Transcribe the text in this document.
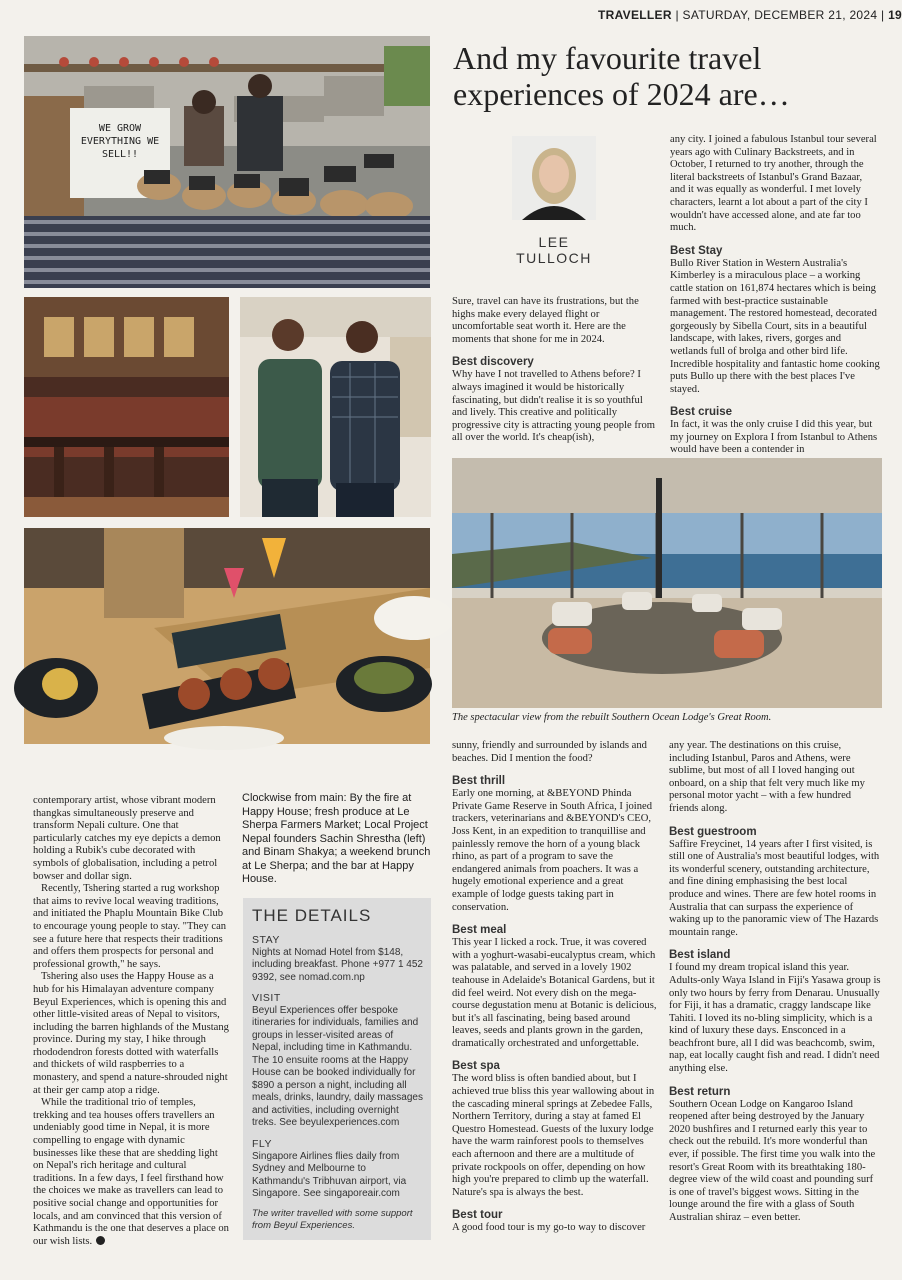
TRAVELLER | SATURDAY, DECEMBER 21, 2024 | 19
WE GROW EVERYTHING WE SELL!!

contemporary artist, whose vibrant modern thangkas simultaneously preserve and transform Nepali culture. One that particularly catches my eye depicts a demon holding a Rubik's cube decorated with symbols of globalisation, including a petrol bowser and dollar sign.

Recently, Tshering started a rug workshop that aims to revive local weaving traditions, and initiated the Phaplu Mountain Bike Club to encourage young people to stay. "They can see a future here that respects their traditions and offers them prospects for personal and professional growth," he says.

Tshering also uses the Happy House as a hub for his Himalayan adventure company Beyul Experiences, which is opening this and other little-visited areas of Nepal to visitors, including the barren highlands of the Mustang province. During my stay, I hike through rhododendron forests dotted with waterfalls and thickets of wild raspberries to a monastery, and spend a nature-shrouded night at their ger camp atop a ridge.

While the traditional trio of temples, trekking and tea houses offers travellers an undeniably good time in Nepal, it is more compelling to engage with dynamic businesses like these that are shedding light on Nepal's rich heritage and cultural traditions. In a few days, I feel firsthand how the choices we make as travellers can lead to positive social change and opportunities for locals, and am convinced that this version of Kathmandu is the one that deserves a place on our wish lists.

Clockwise from main: By the fire at Happy House; fresh produce at Le Sherpa Farmers Market; Local Project Nepal founders Sachin Shrestha (left) and Binam Shakya; a weekend brunch at Le Sherpa; and the bar at Happy House.
THE DETAILS
STAY
Nights at Nomad Hotel from $148, including breakfast. Phone +977 1 452 9392, see nomad.com.np
VISIT
Beyul Experiences offer bespoke itineraries for individuals, families and groups in lesser-visited areas of Nepal, including time in Kathmandu. The 10 ensuite rooms at the Happy House can be booked individually for $890 a person a night, including all meals, drinks, laundry, daily massages and activities, including overnight treks. See beyulexperiences.com
FLY
Singapore Airlines flies daily from Sydney and Melbourne to Kathmandu's Tribhuvan airport, via Singapore. See singaporeair.com
The writer travelled with some support from Beyul Experiences.
And my favourite travel experiences of 2024 are…
LEE
TULLOCH

Sure, travel can have its frustrations, but the highs make every delayed flight or uncomfortable seat worth it. Here are the moments that shone for me in 2024.

Best discovery

Why have I not travelled to Athens before? I always imagined it would be historically fascinating, but didn't realise it is so youthful and lively. This creative and politically progressive city is attracting young people from all over the world. It's cheap(ish),

any city. I joined a fabulous Istanbul tour several years ago with Culinary Backstreets, and in October, I returned to try another, through the literal backstreets of Istanbul's Grand Bazaar, and it was equally as wonderful. I met lovely characters, learnt a lot about a part of the city I wouldn't have accessed alone, and ate far too much.

Best Stay

Bullo River Station in Western Australia's Kimberley is a miraculous place – a working cattle station on 161,874 hectares which is being farmed with best-practice sustainable management. The restored homestead, decorated gorgeously by Sibella Court, sits in a beautiful landscape, with lakes, rivers, gorges and wetlands full of brolga and other bird life. Incredible hospitality and fantastic home cooking puts Bullo up there with the best places I've stayed.

Best cruise

In fact, it was the only cruise I did this year, but my journey on Explora I from Istanbul to Athens would have been a contender in

The spectacular view from the rebuilt Southern Ocean Lodge's Great Room.

sunny, friendly and surrounded by islands and beaches. Did I mention the food?

Best thrill

Early one morning, at &BEYOND Phinda Private Game Reserve in South Africa, I joined trackers, veterinarians and &BEYOND's CEO, Joss Kent, in an expedition to tranquillise and painlessly remove the horn of a young black rhino, as part of a program to save the endangered animals from poachers. It was a hugely emotional experience and a great example of lodge guests taking part in conservation.

Best meal

This year I licked a rock. True, it was covered with a yoghurt-wasabi-eucalyptus cream, which was palatable, and served in a lovely 1902 teahouse in Adelaide's Botanical Gardens, but it did feel weird. Not every dish on the mega-course degustation menu at Botanic is delicious, but it's all fascinating, being based around leaves, seeds and plants grown in the garden, dramatically orchestrated and unforgettable.

Best spa

The word bliss is often bandied about, but I achieved true bliss this year wallowing about in the cascading mineral springs at Zebedee Falls, Northern Territory, during a stay at famed El Questro Homestead. Guests of the luxury lodge have the warm rainforest pools to themselves each afternoon and there are a multitude of private rockpools on offer, depending on how high you're prepared to climb up the waterfall. Nature's spa is always the best.

Best tour

A good food tour is my go-to way to discover

any year. The destinations on this cruise, including Istanbul, Paros and Athens, were sublime, but most of all I loved hanging out onboard, on a ship that felt very much like my personal motor yacht – with a few hundred friends along.

Best guestroom

Saffire Freycinet, 14 years after I first visited, is still one of Australia's most beautiful lodges, with its wonderful scenery, outstanding architecture, and fine dining emphasising the best local produce and wines. There are few hotel rooms in Australia that can surpass the experience of waking up to the panoramic view of The Hazards mountain range.

Best island

I found my dream tropical island this year. Adults-only Waya Island in Fiji's Yasawa group is only two hours by ferry from Denarau. Unusually for Fiji, it has a dramatic, craggy landscape like Tahiti. I loved its no-bling simplicity, which is a kind of luxury these days. Ensconced in a beachfront bure, all I did was beachcomb, swim, nap, eat locally caught fish and read. I didn't need anything else.

Best return

Southern Ocean Lodge on Kangaroo Island reopened after being destroyed by the January 2020 bushfires and I returned early this year to check out the rebuild. It's more wonderful than ever, if possible. The first time you walk into the resort's Great Room with its breathtaking 180-degree view of the wild coast and pounding surf is one of travel's biggest wows. Sitting in the lounge around the fire with a glass of South Australian shiraz – even better.
